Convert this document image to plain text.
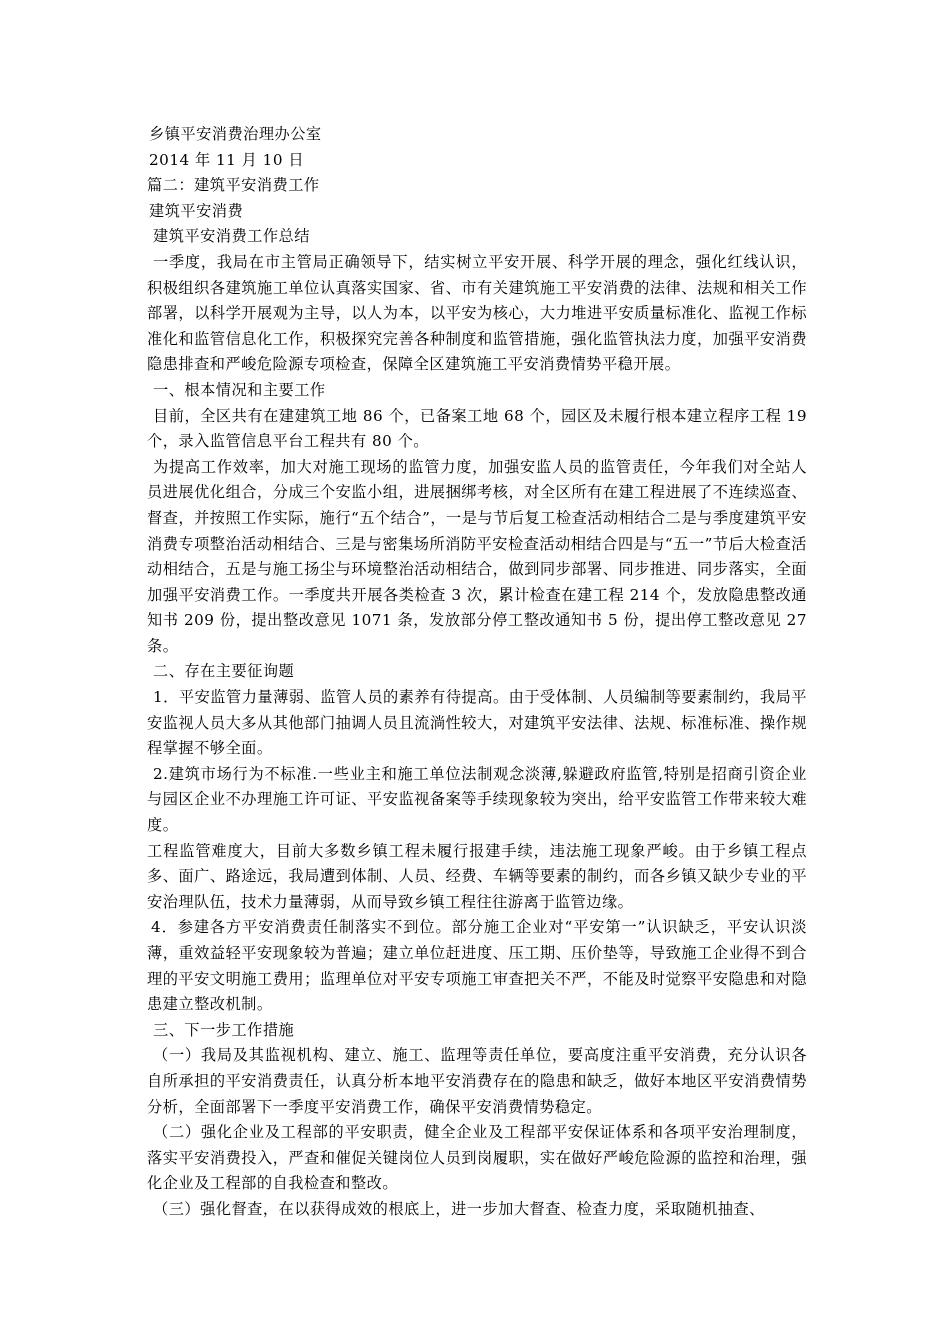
乡镇平安消费治理办公室
2014 年 11 月 10 日
篇二：建筑平安消费工作
建筑平安消费
建筑平安消费工作总结
一季度，我局在市主管局正确领导下，结实树立平安开展、科学开展的理念，强化红线认识，积极组织各建筑施工单位认真落实国家、省、市有关建筑施工平安消费的法律、法规和相关工作部署，以科学开展观为主导，以人为本，以平安为核心，大力堆进平安质量标准化、监视工作标准化和监管信息化工作，积极探究完善各种制度和监管措施，强化监管执法力度，加强平安消费隐患排查和严峻危险源专项检查，保障全区建筑施工平安消费情势平稳开展。
一、根本情况和主要工作
目前，全区共有在建建筑工地 86 个，已备案工地 68 个，园区及未履行根本建立程序工程 19 个，录入监管信息平台工程共有 80 个。
为提高工作效率，加大对施工现场的监管力度，加强安监人员的监管责任，今年我们对全站人员进展优化组合，分成三个安监小组，进展捆绑考核，对全区所有在建工程进展了不连续巡查、督查，并按照工作实际，施行“五个结合”，一是与节后复工检查活动相结合二是与季度建筑平安消费专项整治活动相结合、三是与密集场所消防平安检查活动相结合四是与“五一”节后大检查活动相结合，五是与施工扬尘与环境整治活动相结合，做到同步部署、同步推进、同步落实，全面加强平安消费工作。一季度共开展各类检查 3 次，累计检查在建工程 214 个，发放隐患整改通知书 209 份，提出整改意见 1071 条，发放部分停工整改通知书 5 份，提出停工整改意见 27 条。
二、存在主要征询题
1．平安监管力量薄弱、监管人员的素养有待提高。由于受体制、人员编制等要素制约，我局平安监视人员大多从其他部门抽调人员且流淌性较大，对建筑平安法律、法规、标准标准、操作规程掌握不够全面。
2.建筑市场行为不标准.一些业主和施工单位法制观念淡薄,躲避政府监管,特别是招商引资企业与园区企业不办理施工许可证、平安监视备案等手续现象较为突出，给平安监管工作带来较大难度。
工程监管难度大，目前大多数乡镇工程未履行报建手续，违法施工现象严峻。由于乡镇工程点多、面广、路途远，我局遭到体制、人员、经费、车辆等要素的制约，而各乡镇又缺少专业的平安治理队伍，技术力量薄弱，从而导致乡镇工程往往游离于监管边缘。
4．参建各方平安消费责任制落实不到位。部分施工企业对“平安第一”认识缺乏，平安认识淡薄，重效益轻平安现象较为普遍；建立单位赶进度、压工期、压价垫等，导致施工企业得不到合理的平安文明施工费用；监理单位对平安专项施工审查把关不严，不能及时觉察平安隐患和对隐患建立整改机制。
三、下一步工作措施
（一）我局及其监视机构、建立、施工、监理等责任单位，要高度注重平安消费，充分认识各自所承担的平安消费责任，认真分析本地平安消费存在的隐患和缺乏，做好本地区平安消费情势分析，全面部署下一季度平安消费工作，确保平安消费情势稳定。
（二）强化企业及工程部的平安职责，健全企业及工程部平安保证体系和各项平安治理制度，落实平安消费投入，严查和催促关键岗位人员到岗履职，实在做好严峻危险源的监控和治理，强化企业及工程部的自我检查和整改。
（三）强化督查，在以获得成效的根底上，进一步加大督查、检查力度，采取随机抽查、
